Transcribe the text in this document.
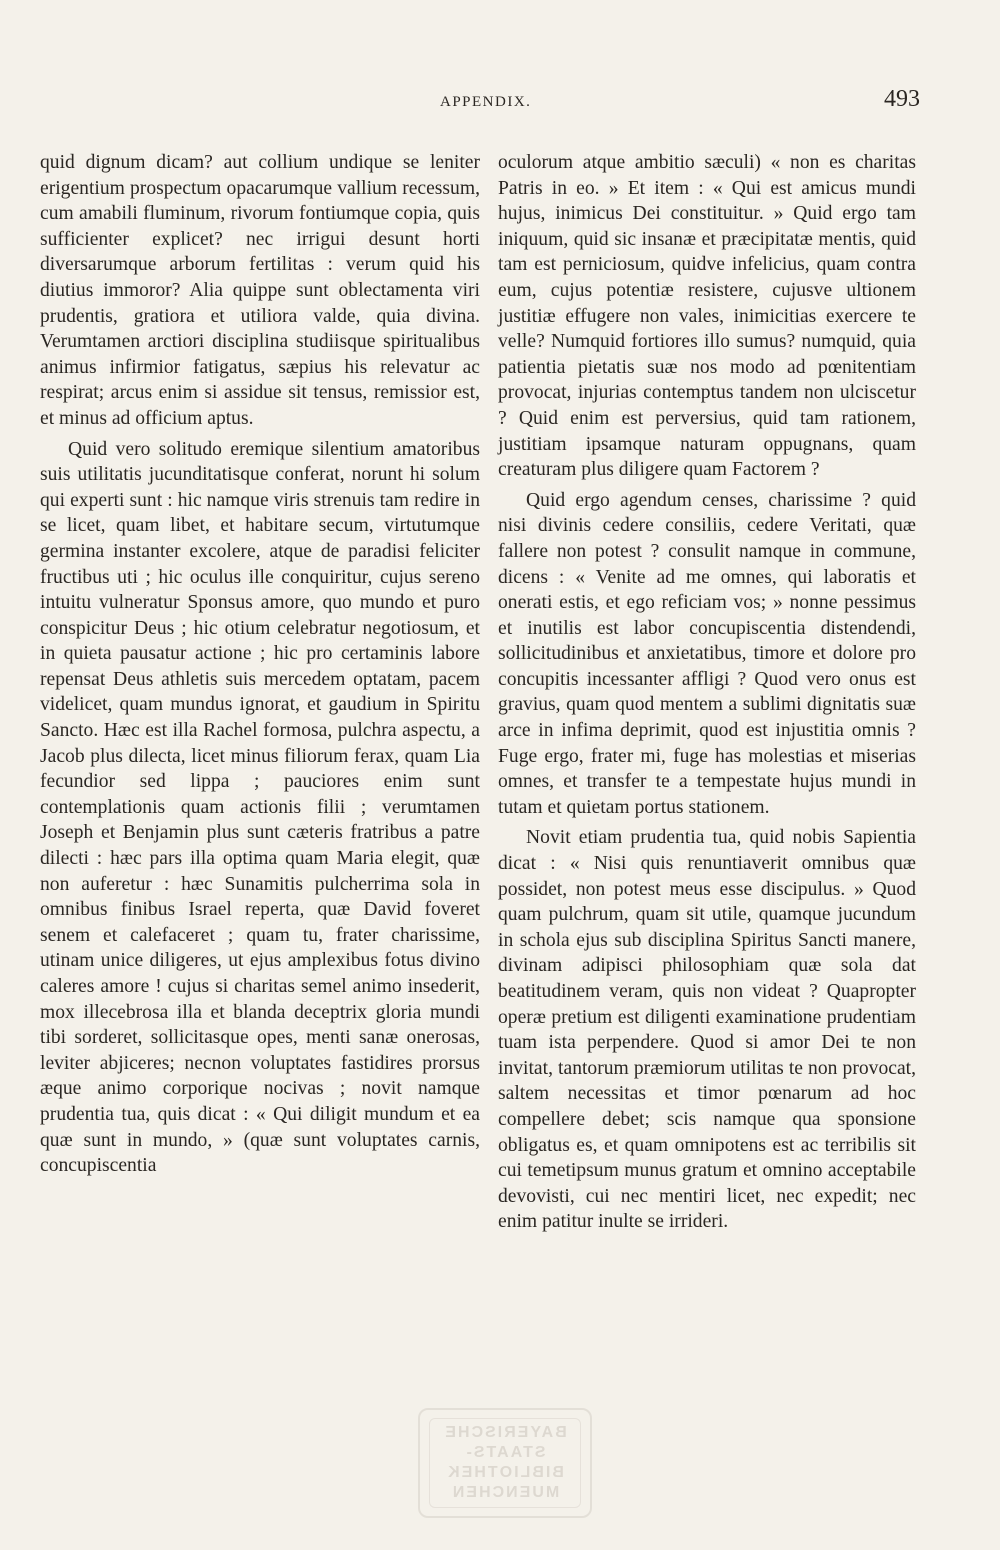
APPENDIX.	493

quid dignum dicam? aut collium undique se leniter erigentium prospectum opacarumque vallium recessum, cum amabili fluminum, rivorum fontiumque copia, quis sufficienter explicet? nec irrigui desunt horti diversarumque arborum fertilitas : verum quid his diutius immoror? Alia quippe sunt oblectamenta viri prudentis, gratiora et utiliora valde, quia divina. Verumtamen arctiori disciplina studiisque spiritualibus animus infirmior fatigatus, sæpius his relevatur ac respirat; arcus enim si assidue sit tensus, remissior est, et minus ad officium aptus.

Quid vero solitudo eremique silentium amatoribus suis utilitatis jucunditatisque conferat, norunt hi solum qui experti sunt : hic namque viris strenuis tam redire in se licet, quam libet, et habitare secum, virtutumque germina instanter excolere, atque de paradisi feliciter fructibus uti ; hic oculus ille conquiritur, cujus sereno intuitu vulneratur Sponsus amore, quo mundo et puro conspicitur Deus ; hic otium celebratur negotiosum, et in quieta pausatur actione ; hic pro certaminis labore repensat Deus athletis suis mercedem optatam, pacem videlicet, quam mundus ignorat, et gaudium in Spiritu Sancto. Hæc est illa Rachel formosa, pulchra aspectu, a Jacob plus dilecta, licet minus filiorum ferax, quam Lia fecundior sed lippa ; pauciores enim sunt contemplationis quam actionis filii ; verumtamen Joseph et Benjamin plus sunt cæteris fratribus a patre dilecti : hæc pars illa optima quam Maria elegit, quæ non auferetur : hæc Sunamitis pulcherrima sola in omnibus finibus Israel reperta, quæ David foveret senem et calefaceret ; quam tu, frater charissime, utinam unice diligeres, ut ejus amplexibus fotus divino caleres amore ! cujus si charitas semel animo insederit, mox illecebrosa illa et blanda deceptrix gloria mundi tibi sorderet, sollicitasque opes, menti sanæ onerosas, leviter abjiceres; necnon voluptates fastidires prorsus æque animo corporique nocivas ; novit namque prudentia tua, quis dicat : « Qui diligit mundum et ea quæ sunt in mundo, » (quæ sunt voluptates carnis, concupiscentia

oculorum atque ambitio sæculi) « non es charitas Patris in eo. » Et item : « Qui est amicus mundi hujus, inimicus Dei constituitur. » Quid ergo tam iniquum, quid sic insanæ et præcipitatæ mentis, quid tam est perniciosum, quidve infelicius, quam contra eum, cujus potentiæ resistere, cujusve ultionem justitiæ effugere non vales, inimicitias exercere te velle? Numquid fortiores illo sumus? numquid, quia patientia pietatis suæ nos modo ad pœnitentiam provocat, injurias contemptus tandem non ulciscetur ? Quid enim est perversius, quid tam rationem, justitiam ipsamque naturam oppugnans, quam creaturam plus diligere quam Factorem ?

Quid ergo agendum censes, charissime ? quid nisi divinis cedere consiliis, cedere Veritati, quæ fallere non potest ? consulit namque in commune, dicens : « Venite ad me omnes, qui laboratis et onerati estis, et ego reficiam vos; » nonne pessimus et inutilis est labor concupiscentia distendendi, sollicitudinibus et anxietatibus, timore et dolore pro concupitis incessanter affligi ? Quod vero onus est gravius, quam quod mentem a sublimi dignitatis suæ arce in infima deprimit, quod est injustitia omnis ? Fuge ergo, frater mi, fuge has molestias et miserias omnes, et transfer te a tempestate hujus mundi in tutam et quietam portus stationem.

Novit etiam prudentia tua, quid nobis Sapientia dicat : « Nisi quis renuntiaverit omnibus quæ possidet, non potest meus esse discipulus. » Quod quam pulchrum, quam sit utile, quamque jucundum in schola ejus sub disciplina Spiritus Sancti manere, divinam adipisci philosophiam quæ sola dat beatitudinem veram, quis non videat ? Quapropter operæ pretium est diligenti examinatione prudentiam tuam ista perpendere. Quod si amor Dei te non invitat, tantorum præmiorum utilitas te non provocat, saltem necessitas et timor pœnarum ad hoc compellere debet; scis namque qua sponsione obligatus es, et quam omnipotens est ac terribilis sit cui temetipsum munus gratum et omnino acceptabile devovisti, cui nec mentiri licet, nec expedit; nec enim patitur inulte se irrideri.

BAYERISCHE
STAATS-
BIBLIOTHEK
MUENCHEN
